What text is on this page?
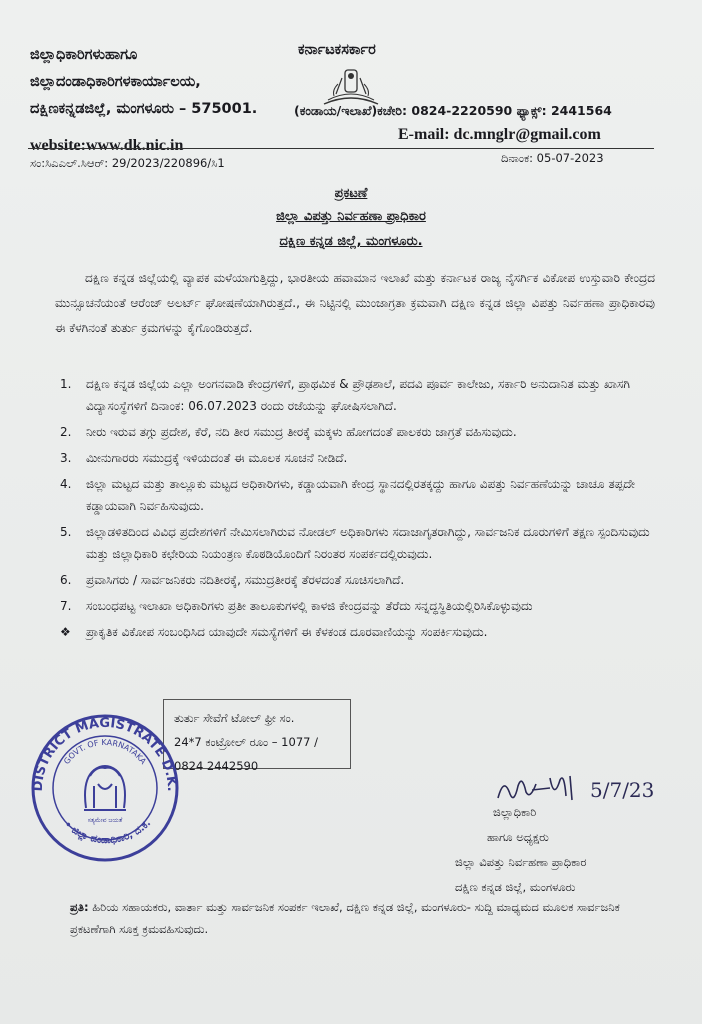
ಜಿಲ್ಲಾಧಿಕಾರಿಗಳುಹಾಗೂ
ಜಿಲ್ಲಾದಂಡಾಧಿಕಾರಿಗಳಕಾರ್ಯಾಲಯ,
ದಕ್ಷಿಣಕನ್ನಡಜಿಲ್ಲೆ, ಮಂಗಳೂರು – 575001.
ಕರ್ನಾಟಕಸರ್ಕಾರ
(ಕಂಡಾಯ/ಇಲಾಖೆ)ಕಚೇರಿ: 0824-2220590 ಫ್ಯಾಕ್ಸ್: 2441564
website:www.dk.nic.in
E-mail: dc.mnglr@gmail.com
ಸಂ:ಸಿಎಎಲ್.ಸಿಆರ್: 29/2023/220896/ಸಿ1	ದಿನಾಂಕ: 05-07-2023
ಪ್ರಕಟಣೆ
ಜಿಲ್ಲಾ ವಿಪತ್ತು ನಿರ್ವಹಣಾ ಪ್ರಾಧಿಕಾರ
ದಕ್ಷಿಣ ಕನ್ನಡ ಜಿಲ್ಲೆ, ಮಂಗಳೂರು.
ದಕ್ಷಿಣ ಕನ್ನಡ ಜಿಲ್ಲೆಯಲ್ಲಿ ವ್ಯಾಪಕ ಮಳೆಯಾಗುತ್ತಿದ್ದು, ಭಾರತೀಯ ಹವಾಮಾನ ಇಲಾಖೆ ಮತ್ತು ಕರ್ನಾಟಕ ರಾಜ್ಯ ನೈಸರ್ಗಿಕ ವಿಕೋಪ ಉಸ್ತುವಾರಿ ಕೇಂದ್ರದ ಮುನ್ಸೂಚನೆಯಂತೆ ಆರೆಂಜ್ ಅಲರ್ಟ್ ಘೋಷಣೆಯಾಗಿರುತ್ತದೆ., ಈ ನಿಟ್ಟಿನಲ್ಲಿ ಮುಂಜಾಗ್ರತಾ ಕ್ರಮವಾಗಿ ದಕ್ಷಿಣ ಕನ್ನಡ ಜಿಲ್ಲಾ ವಿಪತ್ತು ನಿರ್ವಹಣಾ ಪ್ರಾಧಿಕಾರವು ಈ ಕೆಳಗಿನಂತೆ ತುರ್ತು ಕ್ರಮಗಳನ್ನು ಕೈಗೊಂಡಿರುತ್ತದೆ.
1. ದಕ್ಷಿಣ ಕನ್ನಡ ಜಿಲ್ಲೆಯ ಎಲ್ಲಾ ಅಂಗನವಾಡಿ ಕೇಂದ್ರಗಳಿಗೆ, ಪ್ರಾಥಮಿಕ & ಪ್ರೌಢಶಾಲೆ, ಪದವಿ ಪೂರ್ವ ಕಾಲೇಜು, ಸರ್ಕಾರಿ ಅನುದಾನಿತ ಮತ್ತು ಖಾಸಗಿ ವಿದ್ಯಾಸಂಸ್ಥೆಗಳಿಗೆ ದಿನಾಂಕ: 06.07.2023 ರಂದು ರಜೆಯನ್ನು ಘೋಷಿಸಲಾಗಿದೆ.
2. ನೀರು ಇರುವ ತಗ್ಗು ಪ್ರದೇಶ, ಕೆರೆ, ನದಿ ತೀರ ಸಮುದ್ರ ತೀರಕ್ಕೆ ಮಕ್ಕಳು ಹೋಗದಂತೆ ಪಾಲಕರು ಜಾಗ್ರತೆ ವಹಿಸುವುದು.
3. ಮೀನುಗಾರರು ಸಮುದ್ರಕ್ಕೆ ಇಳಿಯದಂತೆ ಈ ಮೂಲಕ ಸೂಚನೆ ನೀಡಿದೆ.
4. ಜಿಲ್ಲಾ ಮಟ್ಟದ ಮತ್ತು ತಾಲ್ಲೂಕು ಮಟ್ಟದ ಅಧಿಕಾರಿಗಳು, ಕಡ್ಡಾಯವಾಗಿ ಕೇಂದ್ರ ಸ್ಥಾನದಲ್ಲಿರತಕ್ಕದ್ದು ಹಾಗೂ ವಿಪತ್ತು ನಿರ್ವಹಣೆಯನ್ನು ಚಾಚೂ ತಪ್ಪದೇ ಕಡ್ಡಾಯವಾಗಿ ನಿರ್ವಹಿಸುವುದು.
5. ಜಿಲ್ಲಾಡಳಿತದಿಂದ ವಿವಿಧ ಪ್ರದೇಶಗಳಿಗೆ ನೇಮಿಸಲಾಗಿರುವ ನೋಡಲ್ ಅಧಿಕಾರಿಗಳು ಸದಾಜಾಗೃತರಾಗಿದ್ದು, ಸಾರ್ವಜನಿಕ ದೂರುಗಳಿಗೆ ತಕ್ಷಣ ಸ್ಪಂದಿಸುವುದು ಮತ್ತು ಜಿಲ್ಲಾಧಿಕಾರಿ ಕಛೇರಿಯ ನಿಯಂತ್ರಣ ಕೊಠಡಿಯೊಂದಿಗೆ ನಿರಂತರ ಸಂಪರ್ಕದಲ್ಲಿರುವುದು.
6. ಪ್ರವಾಸಿಗರು / ಸಾರ್ವಜನಿಕರು ನದಿತೀರಕ್ಕೆ, ಸಮುದ್ರತೀರಕ್ಕೆ ತೆರಳದಂತೆ ಸೂಚಿಸಲಾಗಿದೆ.
7. ಸಂಬಂಧಪಟ್ಟ ಇಲಾಖಾ ಅಧಿಕಾರಿಗಳು ಪ್ರತೀ ತಾಲೂಕುಗಳಲ್ಲಿ ಕಾಳಜಿ ಕೇಂದ್ರವನ್ನು ತೆರೆದು ಸನ್ನದ್ಧಸ್ಥಿತಿಯಲ್ಲಿರಿಸಿಕೊಳ್ಳುವುದು
❖ ಪ್ರಾಕೃತಿಕ ವಿಕೋಪ ಸಂಬಂಧಿಸಿದ ಯಾವುದೇ ಸಮಸ್ಯೆಗಳಿಗೆ ಈ ಕೆಳಕಂಡ ದೂರವಾಣಿಯನ್ನು ಸಂಪರ್ಕಿಸುವುದು.
ತುರ್ತು ಸೇವೆಗೆ ಟೋಲ್ ಫ್ರೀ ಸಂ.
24*7 ಕಂಟ್ರೋಲ್ ರೂಂ – 1077 /
0824 2442590
DISTRICT MAGISTRATE D.K.
GOVT. OF KARNATAKA
• ಜಿಲ್ಲಾ ದಂಡಾಧಿಕಾರಿ, ದ.ಕ.
ಸತ್ಯಮೇವ ಜಯತೆ
5/7/23
ಜಿಲ್ಲಾಧಿಕಾರಿ
ಹಾಗೂ ಅಧ್ಯಕ್ಷರು
ಜಿಲ್ಲಾ ವಿಪತ್ತು ನಿರ್ವಹಣಾ ಪ್ರಾಧಿಕಾರ
ದಕ್ಷಿಣ ಕನ್ನಡ ಜಿಲ್ಲೆ, ಮಂಗಳೂರು
ಪ್ರತಿ: ಹಿರಿಯ ಸಹಾಯಕರು, ವಾರ್ತಾ ಮತ್ತು ಸಾರ್ವಜನಿಕ ಸಂಪರ್ಕ ಇಲಾಖೆ, ದಕ್ಷಿಣ ಕನ್ನಡ ಜಿಲ್ಲೆ, ಮಂಗಳೂರು- ಸುದ್ದಿ ಮಾಧ್ಯಮದ ಮೂಲಕ ಸಾರ್ವಜನಿಕ ಪ್ರಕಟಣೆಗಾಗಿ ಸೂಕ್ತ ಕ್ರಮವಹಿಸುವುದು.
